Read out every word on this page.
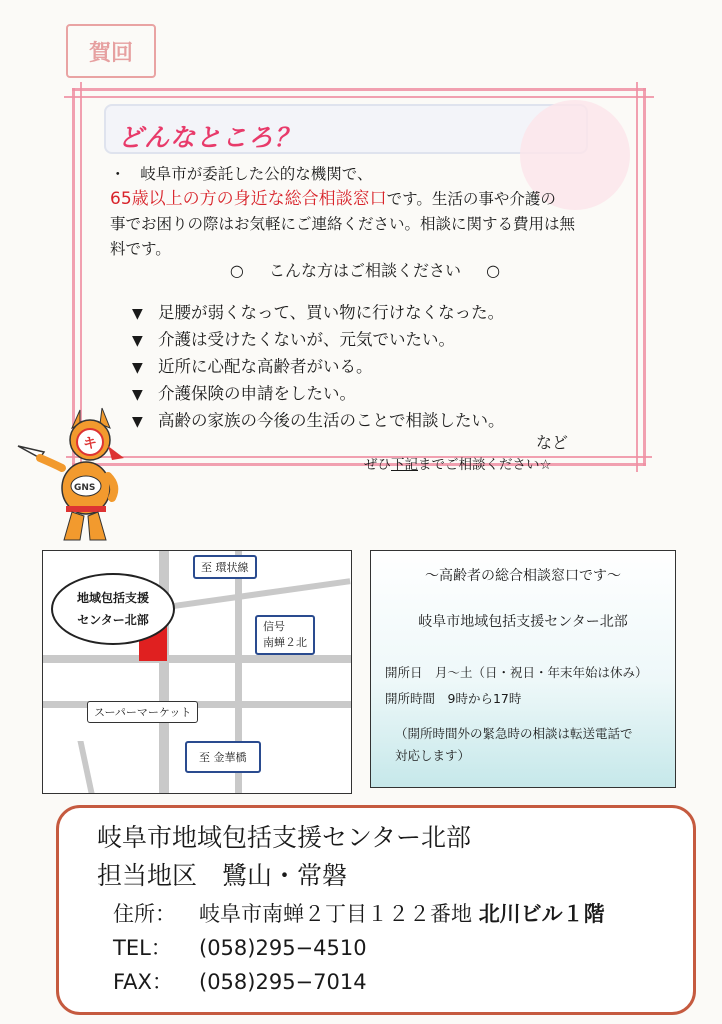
賀回
どんなところ？
・ 岐阜市が委託した公的な機関で、
65歳以上の方の身近な総合相談窓口です。生活の事や介護の
事でお困りの際はお気軽にご連絡ください。相談に関する費用は無
料です。
○ こんな方はご相談ください ○
▼ 足腰が弱くなって、買い物に行けなくなった。
▼ 介護は受けたくないが、元気でいたい。
▼ 近所に心配な高齢者がいる。
▼ 介護保険の申請をしたい。
▼ 高齢の家族の今後の生活のことで相談したい。
など
ぜひ下記までご相談ください☆
キ
GNS
地域包括支援
センター北部
至 環状線
信号
南蝉２北
スーパーマーケット
至 金華橋
〜高齢者の総合相談窓口です〜
岐阜市地域包括支援センター北部
開所日　月〜土（日・祝日・年末年始は休み）
開所時間　9時から17時
（開所時間外の緊急時の相談は転送電話で
対応します）
岐阜市地域包括支援センター北部
担当地区　鷺山・常磐
住所： 岐阜市南蝉２丁目１２２番地 北川ビル１階
TEL： (058)295−4510
FAX： (058)295−7014
